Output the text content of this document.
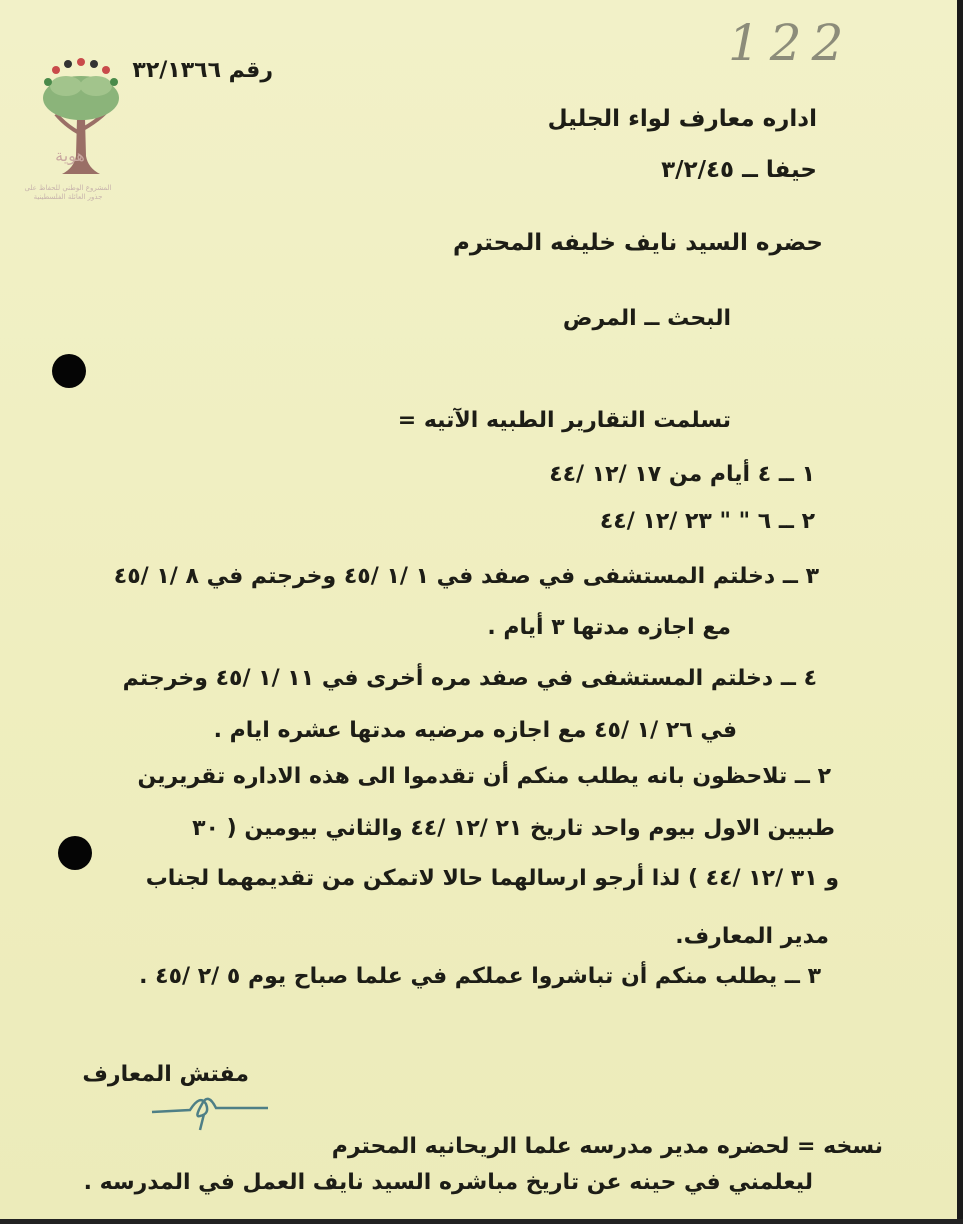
هوية
المشروع الوطني للحفاظ على جذور العائلة الفلسطينية
122
رقم ٣٢/١٣٦٦
اداره معارف لواء الجليل
حيفا ــ ٣/٢/٤٥
حضره السيد نايف خليفه المحترم
البحث ــ المرض
تسلمت التقارير الطبيه الآتيه =
١ ــ ٤ أيام من ١٧ /١٢ /٤٤
٢ ــ ٦ " " ٢٣ /١٢ /٤٤
٣ ــ دخلتم المستشفى في صفد في ١ /١ /٤٥ وخرجتم في ٨ /١ /٤٥
مع اجازه مدتها ٣ أيام .
٤ ــ دخلتم المستشفى في صفد مره أخرى في ١١ /١ /٤٥ وخرجتم
في ٢٦ /١ /٤٥ مع اجازه مرضيه مدتها عشره ايام .
٢ ــ تلاحظون بانه يطلب منكم أن تقدموا الى هذه الاداره تقريرين
طبيين الاول بيوم واحد تاريخ ٢١ /١٢ /٤٤ والثاني بيومين ( ٣٠
و ٣١ /١٢ /٤٤ ) لذا أرجو ارسالهما حالا لاتمكن من تقديمهما لجناب
مدير المعارف.
٣ ــ يطلب منكم أن تباشروا عملكم في علما صباح يوم ٥ /٢ /٤٥ .
مفتش المعارف
نسخه = لحضره مدير مدرسه علما الريحانيه المحترم
ليعلمني في حينه عن تاريخ مباشره السيد نايف العمل في المدرسه .
